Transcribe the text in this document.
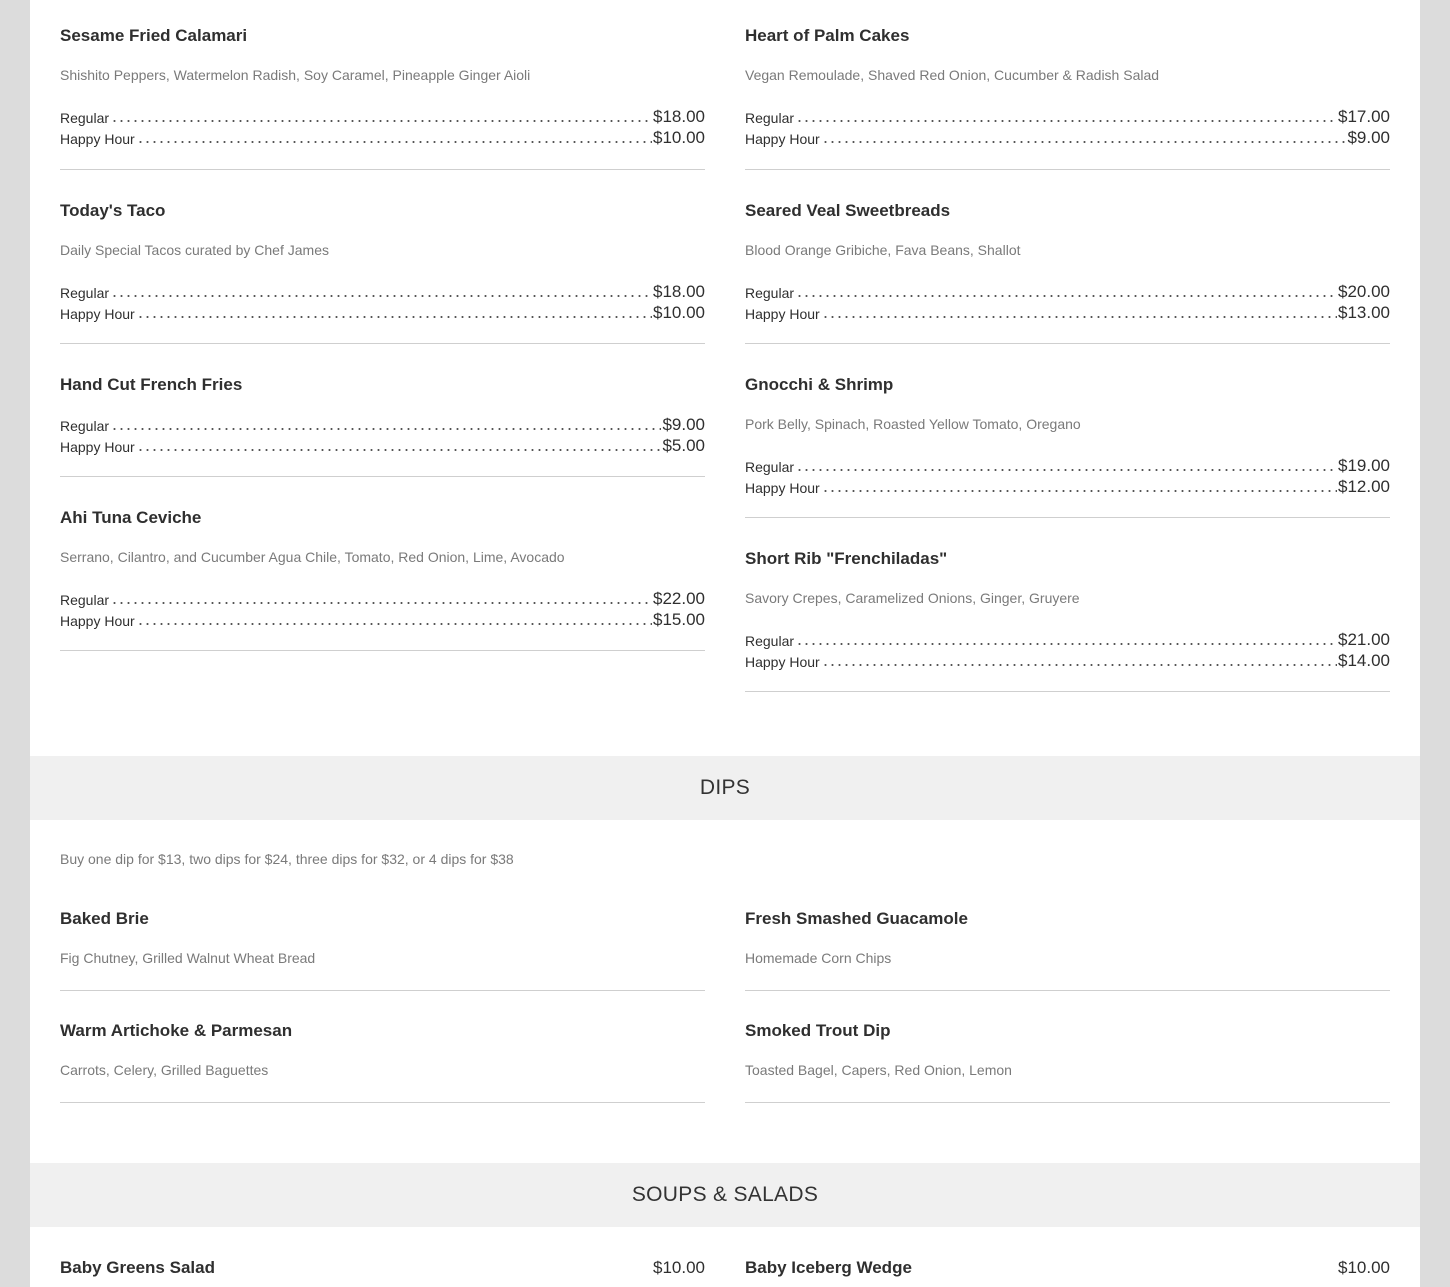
Sesame Fried Calamari
Shishito Peppers, Watermelon Radish, Soy Caramel, Pineapple Ginger Aioli
Regular	$18.00
Happy Hour	$10.00
Today's Taco
Daily Special Tacos curated by Chef James
Regular	$18.00
Happy Hour	$10.00
Hand Cut French Fries
Regular	$9.00
Happy Hour	$5.00
Ahi Tuna Ceviche
Serrano, Cilantro, and Cucumber Agua Chile, Tomato, Red Onion, Lime, Avocado
Regular	$22.00
Happy Hour	$15.00
Heart of Palm Cakes
Vegan Remoulade, Shaved Red Onion, Cucumber & Radish Salad
Regular	$17.00
Happy Hour	$9.00
Seared Veal Sweetbreads
Blood Orange Gribiche, Fava Beans, Shallot
Regular	$20.00
Happy Hour	$13.00
Gnocchi & Shrimp
Pork Belly, Spinach, Roasted Yellow Tomato, Oregano
Regular	$19.00
Happy Hour	$12.00
Short Rib "Frenchiladas"
Savory Crepes, Caramelized Onions, Ginger, Gruyere
Regular	$21.00
Happy Hour	$14.00
DIPS
Buy one dip for $13, two dips for $24, three dips for $32, or 4 dips for $38
Baked Brie
Fig Chutney, Grilled Walnut Wheat Bread
Warm Artichoke & Parmesan
Carrots, Celery, Grilled Baguettes
Fresh Smashed Guacamole
Homemade Corn Chips
Smoked Trout Dip
Toasted Bagel, Capers, Red Onion, Lemon
SOUPS & SALADS
Baby Greens Salad	$10.00 Baby Iceberg Wedge	$10.00
